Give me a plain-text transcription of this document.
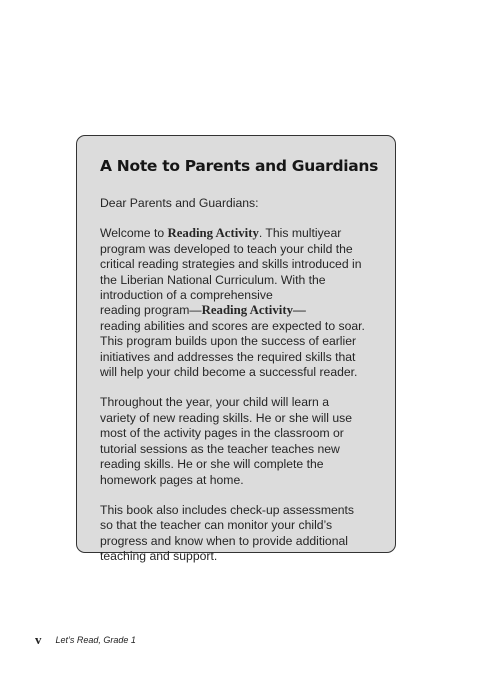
A Note to Parents and Guardians

Dear Parents and Guardians:

Welcome to Reading Activity. This multiyear
program was developed to teach your child the
critical reading strategies and skills introduced in
the Liberian National Curriculum. With the
introduction of a comprehensive
reading program—Reading Activity—
reading abilities and scores are expected to soar.
This program builds upon the success of earlier
initiatives and addresses the required skills that
will help your child become a successful reader.

Throughout the year, your child will learn a
variety of new reading skills. He or she will use
most of the activity pages in the classroom or
tutorial sessions as the teacher teaches new
reading skills. He or she will complete the
homework pages at home.

This book also includes check-up assessments
so that the teacher can monitor your child’s
progress and know when to provide additional
teaching and support.

v Let’s Read, Grade 1
